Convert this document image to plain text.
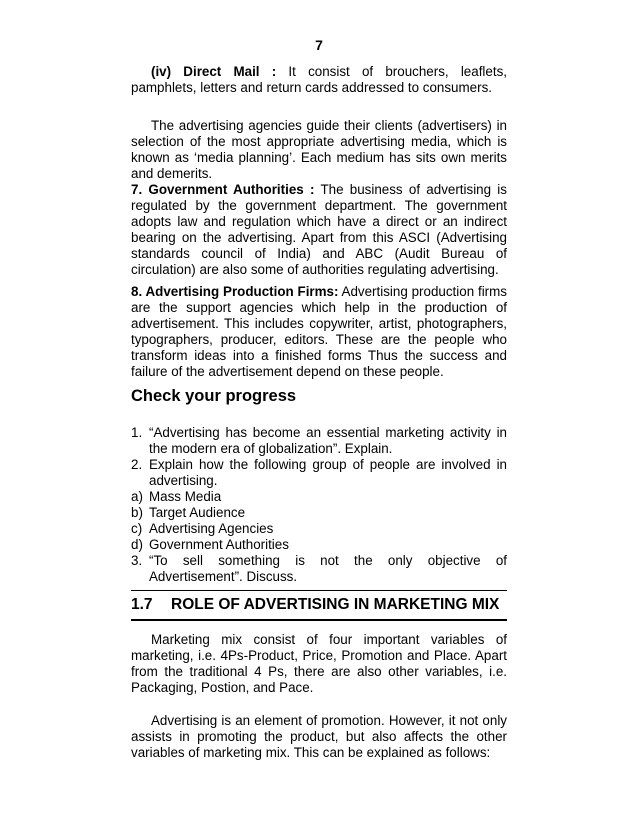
7

(iv) Direct Mail : It consist of brouchers, leaflets, pamphlets, letters and return cards addressed to consumers.

The advertising agencies guide their clients (advertisers) in selection of the most appropriate advertising media, which is known as ‘media planning’. Each medium has sits own merits and demerits.

7. Government Authorities : The business of advertising is regulated by the government department. The government adopts law and regulation which have a direct or an indirect bearing on the advertising. Apart from this ASCI (Advertising standards council of India) and ABC (Audit Bureau of circulation) are also some of authorities regulating advertising.

8. Advertising Production Firms: Advertising production firms are the support agencies which help in the production of advertisement. This includes copywriter, artist, photographers, typographers, producer, editors. These are the people who transform ideas into a finished forms Thus the success and failure of the advertisement depend on these people.

Check your progress
1. “Advertising has become an essential marketing activity in the modern era of globalization”. Explain.
2. Explain how the following group of people are involved in advertising.
a) Mass Media
b) Target Audience
c) Advertising Agencies
d) Government Authorities
3. “To sell something is not the only objective of Advertisement”. Discuss.
1.7 ROLE OF ADVERTISING IN MARKETING MIX

Marketing mix consist of four important variables of marketing, i.e. 4Ps-Product, Price, Promotion and Place. Apart from the traditional 4 Ps, there are also other variables, i.e. Packaging, Postion, and Pace.

Advertising is an element of promotion. However, it not only assists in promoting the product, but also affects the other variables of marketing mix. This can be explained as follows:
